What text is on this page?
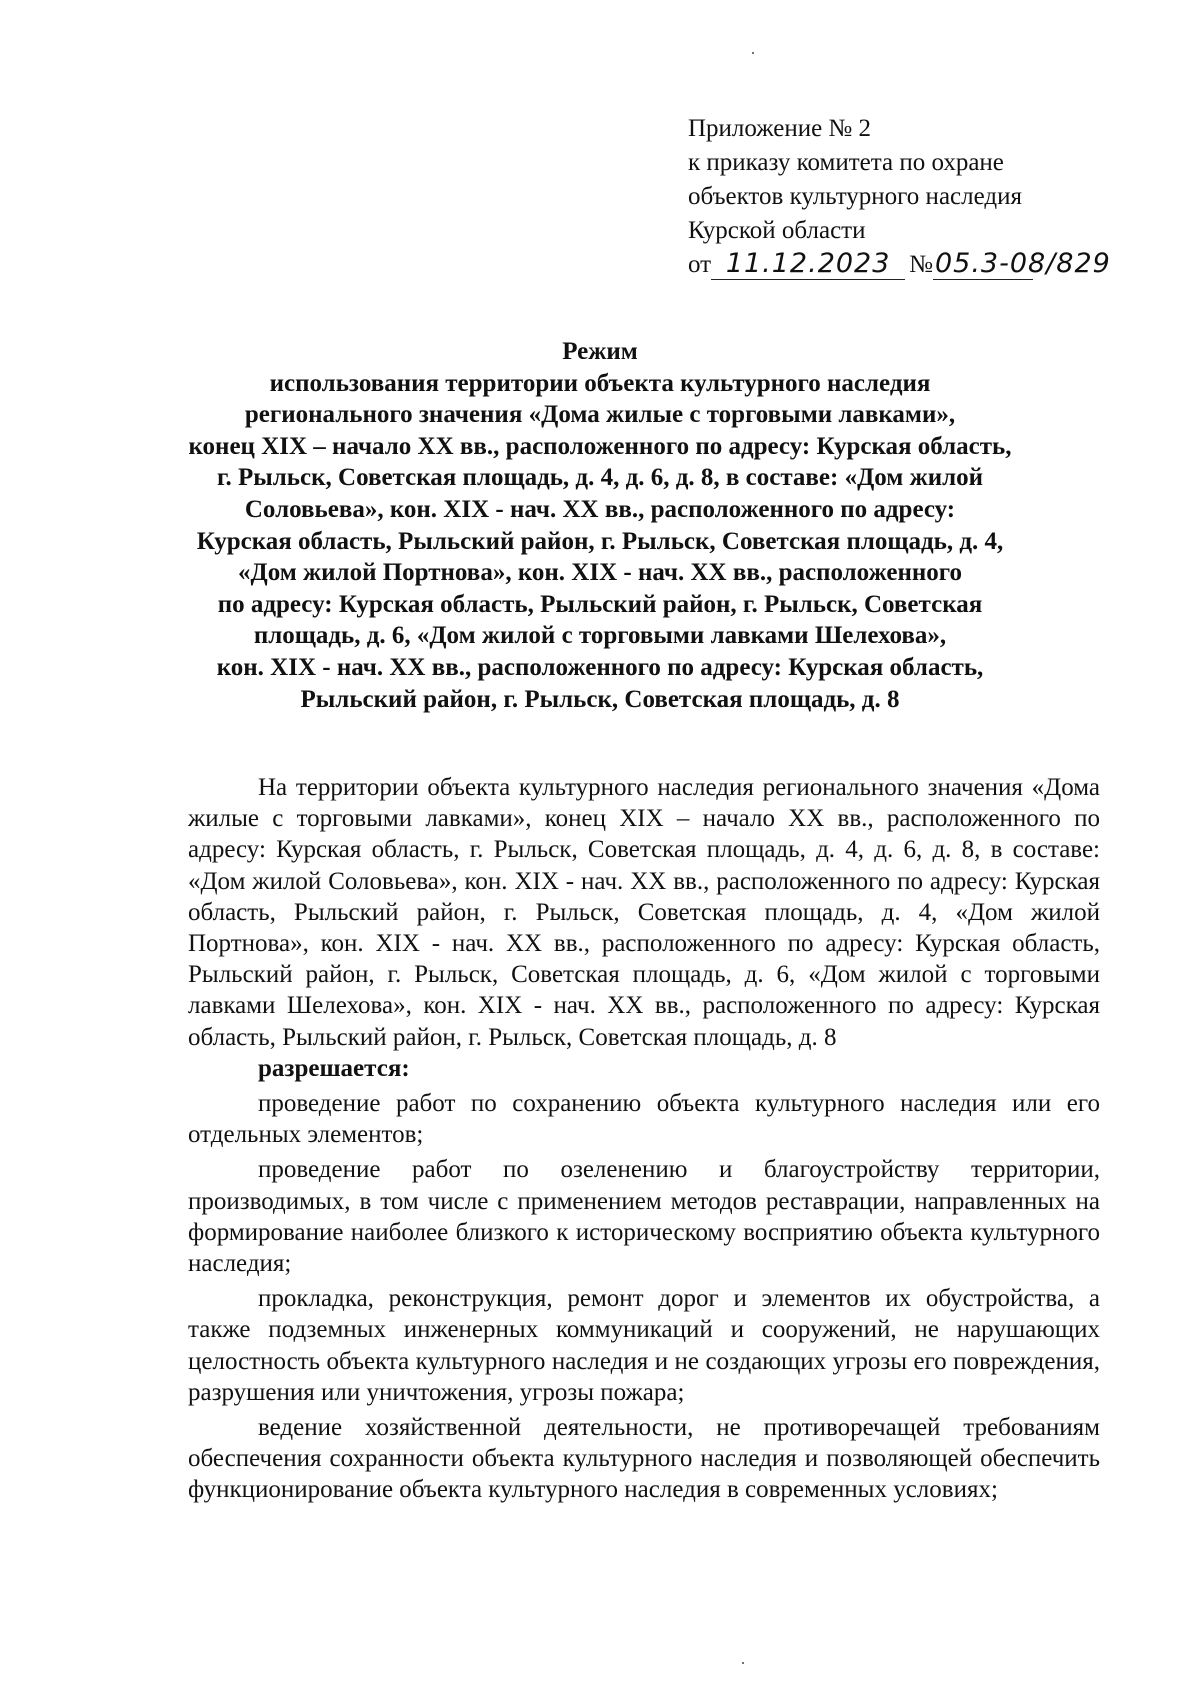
Приложение № 2
к приказу комитета по охране
объектов культурного наследия
Курской области
от 11.12.2023 № 05.3-08/829
Режим
использования территории объекта культурного наследия
регионального значения «Дома жилые с торговыми лавками»,
конец XIX – начало XX вв., расположенного по адресу: Курская область,
г. Рыльск, Советская площадь, д. 4, д. 6, д. 8, в составе: «Дом жилой
Соловьева», кон. XIX - нач. XX вв., расположенного по адресу:
Курская область, Рыльский район, г. Рыльск, Советская площадь, д. 4,
«Дом жилой Портнова», кон. XIX - нач. XX вв., расположенного
по адресу: Курская область, Рыльский район, г. Рыльск, Советская
площадь, д. 6, «Дом жилой с торговыми лавками Шелехова»,
кон. XIX - нач. XX вв., расположенного по адресу: Курская область,
Рыльский район, г. Рыльск, Советская площадь, д. 8

На территории объекта культурного наследия регионального значения «Дома жилые с торговыми лавками», конец XIX – начало XX вв., расположенного по адресу: Курская область, г. Рыльск, Советская площадь, д. 4, д. 6, д. 8, в составе: «Дом жилой Соловьева», кон. XIX - нач. XX вв., расположенного по адресу: Курская область, Рыльский район, г. Рыльск, Советская площадь, д. 4, «Дом жилой Портнова», кон. XIX - нач. XX вв., расположенного по адресу: Курская область, Рыльский район, г. Рыльск, Советская площадь, д. 6, «Дом жилой с торговыми лавками Шелехова», кон. XIX - нач. XX вв., расположенного по адресу: Курская область, Рыльский район, г. Рыльск, Советская площадь, д. 8

разрешается:

проведение работ по сохранению объекта культурного наследия или его отдельных элементов;

проведение работ по озеленению и благоустройству территории, производимых, в том числе с применением методов реставрации, направленных на формирование наиболее близкого к историческому восприятию объекта культурного наследия;

прокладка, реконструкция, ремонт дорог и элементов их обустройства, а также подземных инженерных коммуникаций и сооружений, не нарушающих целостность объекта культурного наследия и не создающих угрозы его повреждения, разрушения или уничтожения, угрозы пожара;

ведение хозяйственной деятельности, не противоречащей требованиям обеспечения сохранности объекта культурного наследия и позволяющей обеспечить функционирование объекта культурного наследия в современных условиях;
